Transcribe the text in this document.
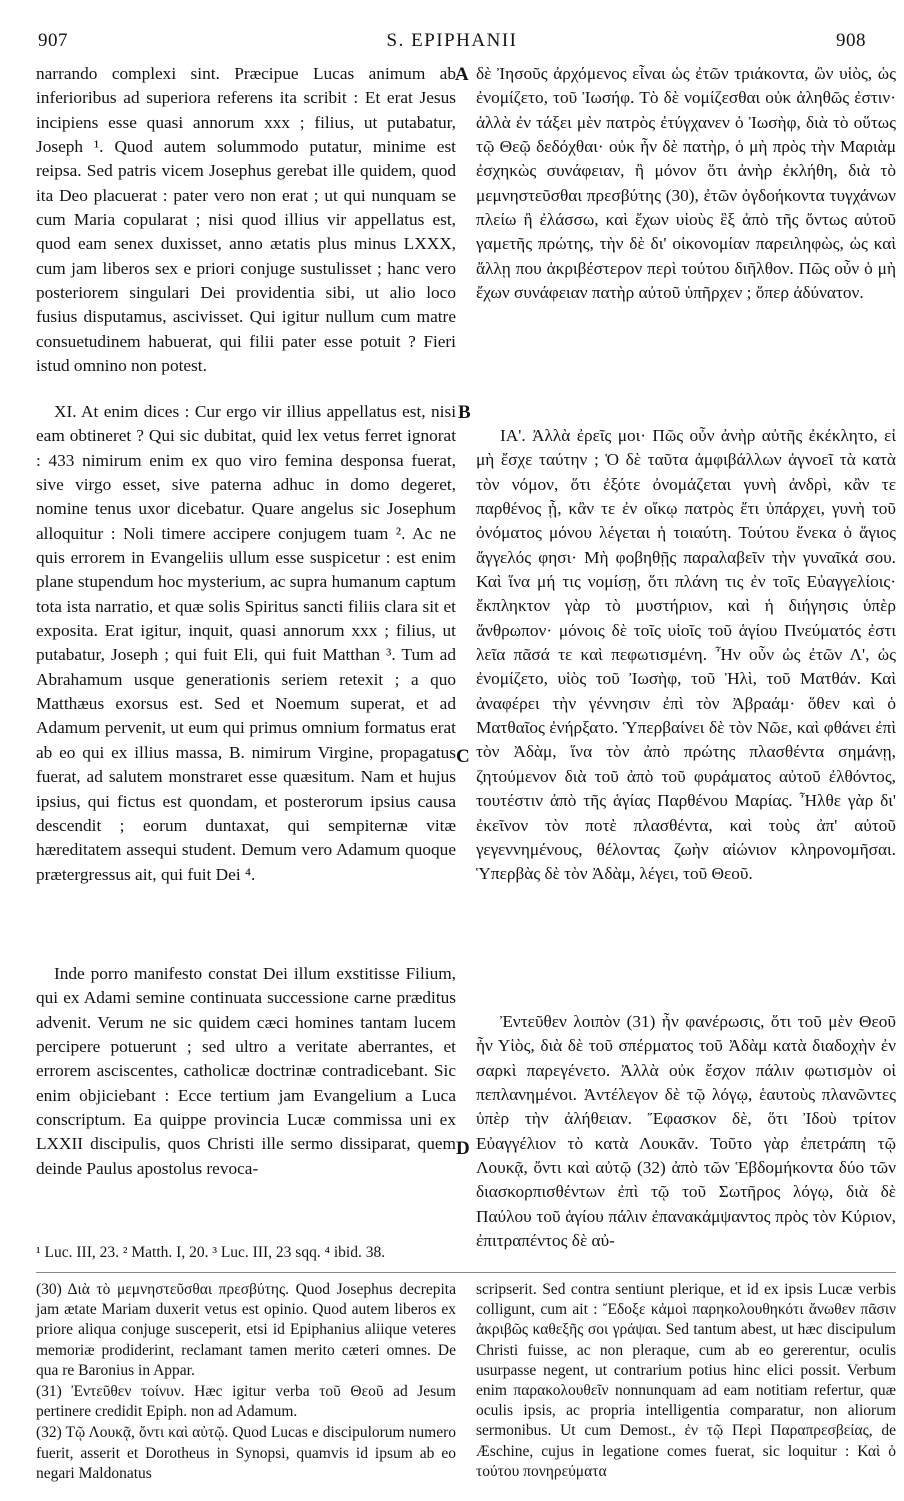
907	S. EPIPHANII	908

narrando complexi sint. Præcipue Lucas animum ab inferioribus ad superiora referens ita scribit : Et erat Jesus incipiens esse quasi annorum xxx ; filius, ut putabatur, Joseph ¹. Quod autem solummodo putatur, minime est reipsa. Sed patris vicem Josephus gerebat ille quidem, quod ita Deo placuerat : pater vero non erat ; ut qui nunquam se cum Maria copularat ; nisi quod illius vir appellatus est, quod eam senex duxisset, anno ætatis plus minus LXXX, cum jam liberos sex e priori conjuge sustulisset ; hanc vero posteriorem singulari Dei providentia sibi, ut alio loco fusius disputamus, ascivisset. Qui igitur nullum cum matre consuetudinem habuerat, qui filii pater esse potuit ? Fieri istud omnino non potest.

δὲ Ἰησοῦς ἀρχόμενος εἶναι ὡς ἐτῶν τριάκοντα, ὢν υἱὸς, ὡς ἐνομίζετο, τοῦ Ἰωσήφ. Τὸ δὲ νομίζεσθαι οὐκ ἀληθῶς ἐστιν· ἀλλὰ ἐν τάξει μὲν πατρὸς ἐτύγχανεν ὁ Ἰωσὴφ, διὰ τὸ οὕτως τῷ Θεῷ δεδόχθαι· οὐκ ἦν δὲ πατὴρ, ὁ μὴ πρὸς τὴν Μαριὰμ ἐσχηκὼς συνάφειαν, ἢ μόνον ὅτι ἀνὴρ ἐκλήθη, διὰ τὸ μεμνηστεῦσθαι πρεσβύτης (30), ἐτῶν ὀγδοήκοντα τυγχάνων πλείω ἢ ἐλάσσω, καὶ ἔχων υἱοὺς ἓξ ἀπὸ τῆς ὄντως αὐτοῦ γαμετῆς πρώτης, τὴν δὲ δι' οἰκονομίαν παρειληφὼς, ὡς καὶ ἄλλῃ που ἀκριβέστερον περὶ τούτου διῆλθον. Πῶς οὖν ὁ μὴ ἔχων συνάφειαν πατὴρ αὐτοῦ ὑπῆρχεν ; ὅπερ ἀδύνατον.

A
B
C
D

XI. At enim dices : Cur ergo vir illius appellatus est, nisi eam obtineret ? Qui sic dubitat, quid lex vetus ferret ignorat : 433 nimirum enim ex quo viro femina desponsa fuerat, sive virgo esset, sive paterna adhuc in domo degeret, nomine tenus uxor dicebatur. Quare angelus sic Josephum alloquitur : Noli timere accipere conjugem tuam ². Ac ne quis errorem in Evangeliis ullum esse suspicetur : est enim plane stupendum hoc mysterium, ac supra humanum captum tota ista narratio, et quæ solis Spiritus sancti filiis clara sit et exposita. Erat igitur, inquit, quasi annorum xxx ; filius, ut putabatur, Joseph ; qui fuit Eli, qui fuit Matthan ³. Tum ad Abrahamum usque generationis seriem retexit ; a quo Matthæus exorsus est. Sed et Noemum superat, et ad Adamum pervenit, ut eum qui primus omnium formatus erat ab eo qui ex illius massa, B. nimirum Virgine, propagatus fuerat, ad salutem monstraret esse quæsitum. Nam et hujus ipsius, qui fictus est quondam, et posterorum ipsius causa descendit ; eorum duntaxat, qui sempiternæ vitæ hæreditatem assequi student. Demum vero Adamum quoque prætergressus ait, qui fuit Dei ⁴.

ΙΑ'. Ἀλλὰ ἐρεῖς μοι· Πῶς οὖν ἀνὴρ αὐτῆς ἐκέκλητο, εἰ μὴ ἔσχε ταύτην ; Ὁ δὲ ταῦτα ἀμφιβάλλων ἀγνοεῖ τὰ κατὰ τὸν νόμον, ὅτι ἐξότε ὀνομάζεται γυνὴ ἀνδρὶ, κἂν τε παρθένος ᾖ, κἂν τε ἐν οἴκῳ πατρὸς ἔτι ὑπάρχει, γυνὴ τοῦ ὀνόματος μόνου λέγεται ἡ τοιαύτη. Τούτου ἕνεκα ὁ ἅγιος ἄγγελός φησι· Μὴ φοβηθῇς παραλαβεῖν τὴν γυναῖκά σου. Καὶ ἵνα μή τις νομίσῃ, ὅτι πλάνη τις ἐν τοῖς Εὐαγγελίοις· ἔκπληκτον γὰρ τὸ μυστήριον, καὶ ἡ διήγησις ὑπὲρ ἄνθρωπον· μόνοις δὲ τοῖς υἱοῖς τοῦ ἁγίου Πνεύματός ἐστι λεῖα πᾶσά τε καὶ πεφωτισμένη. Ἦν οὖν ὡς ἐτῶν Λ', ὡς ἐνομίζετο, υἱὸς τοῦ Ἰωσὴφ, τοῦ Ἠλὶ, τοῦ Ματθάν. Καὶ ἀναφέρει τὴν γέννησιν ἐπὶ τὸν Ἀβραάμ· ὅθεν καὶ ὁ Ματθαῖος ἐνήρξατο. Ὑπερβαίνει δὲ τὸν Νῶε, καὶ φθάνει ἐπὶ τὸν Ἀδὰμ, ἵνα τὸν ἀπὸ πρώτης πλασθέντα σημάνῃ, ζητούμενον διὰ τοῦ ἀπὸ τοῦ φυράματος αὐτοῦ ἐλθόντος, τουτέστιν ἀπὸ τῆς ἁγίας Παρθένου Μαρίας. Ἦλθε γὰρ δι' ἐκεῖνον τὸν ποτὲ πλασθέντα, καὶ τοὺς ἀπ' αὐτοῦ γεγεννημένους, θέλοντας ζωὴν αἰώνιον κληρονομῆσαι. Ὑπερβὰς δὲ τὸν Ἀδὰμ, λέγει, τοῦ Θεοῦ.

Inde porro manifesto constat Dei illum exstitisse Filium, qui ex Adami semine continuata successione carne præditus advenit. Verum ne sic quidem cæci homines tantam lucem percipere potuerunt ; sed ultro a veritate aberrantes, et errorem asciscentes, catholicæ doctrinæ contradicebant. Sic enim objiciebant : Ecce tertium jam Evangelium a Luca conscriptum. Ea quippe provincia Lucæ commissa uni ex LXXII discipulis, quos Christi ille sermo dissiparat, quem deinde Paulus apostolus revoca-

Ἐντεῦθεν λοιπὸν (31) ἦν φανέρωσις, ὅτι τοῦ μὲν Θεοῦ ἦν Υἱὸς, διὰ δὲ τοῦ σπέρματος τοῦ Ἀδὰμ κατὰ διαδοχὴν ἐν σαρκὶ παρεγένετο. Ἀλλὰ οὐκ ἔσχον πάλιν φωτισμὸν οἱ πεπλανημένοι. Ἀντέλεγον δὲ τῷ λόγῳ, ἑαυτοὺς πλανῶντες ὑπὲρ τὴν ἀλήθειαν. Ἔφασκον δὲ, ὅτι Ἰδοὺ τρίτον Εὐαγγέλιον τὸ κατὰ Λουκᾶν. Τοῦτο γὰρ ἐπετράπη τῷ Λουκᾷ, ὄντι καὶ αὐτῷ (32) ἀπὸ τῶν Ἑβδομήκοντα δύο τῶν διασκορπισθέντων ἐπὶ τῷ τοῦ Σωτῆρος λόγῳ, διὰ δὲ Παύλου τοῦ ἁγίου πάλιν ἐπανακάμψαντος πρὸς τὸν Κύριον, ἐπιτραπέντος δὲ αὐ-

¹ Luc. III, 23. ² Matth. I, 20. ³ Luc. III, 23 sqq. ⁴ ibid. 38.

(30) Διὰ τὸ μεμνηστεῦσθαι πρεσβύτης. Quod Josephus decrepita jam ætate Mariam duxerit vetus est opinio. Quod autem liberos ex priore aliqua conjuge susceperit, etsi id Epiphanius aliique veteres memoriæ prodiderint, reclamant tamen merito cæteri omnes. De qua re Baronius in Appar.

(31) Ἐντεῦθεν τοίνυν. Hæc igitur verba τοῦ Θεοῦ ad Jesum pertinere credidit Epiph. non ad Adamum.

(32) Τῷ Λουκᾷ, ὄντι καὶ αὐτῷ. Quod Lucas e discipulorum numero fuerit, asserit et Dorotheus in Synopsi, quamvis id ipsum ab eo negari Maldonatus

scripserit. Sed contra sentiunt plerique, et id ex ipsis Lucæ verbis colligunt, cum ait : Ἔδοξε κἀμοὶ παρηκολουθηκότι ἄνωθεν πᾶσιν ἀκριβῶς καθεξῆς σοι γράψαι. Sed tantum abest, ut hæc discipulum Christi fuisse, ac non pleraque, cum ab eo gererentur, oculis usurpasse negent, ut contrarium potius hinc elici possit. Verbum enim παρακολουθεῖν nonnunquam ad eam notitiam refertur, quæ oculis ipsis, ac propria intelligentia comparatur, non aliorum sermonibus. Ut cum Demost., ἐν τῷ Περὶ Παραπρεσβείας, de Æschine, cujus in legatione comes fuerat, sic loquitur : Καὶ ὁ τούτου πονηρεύματα
